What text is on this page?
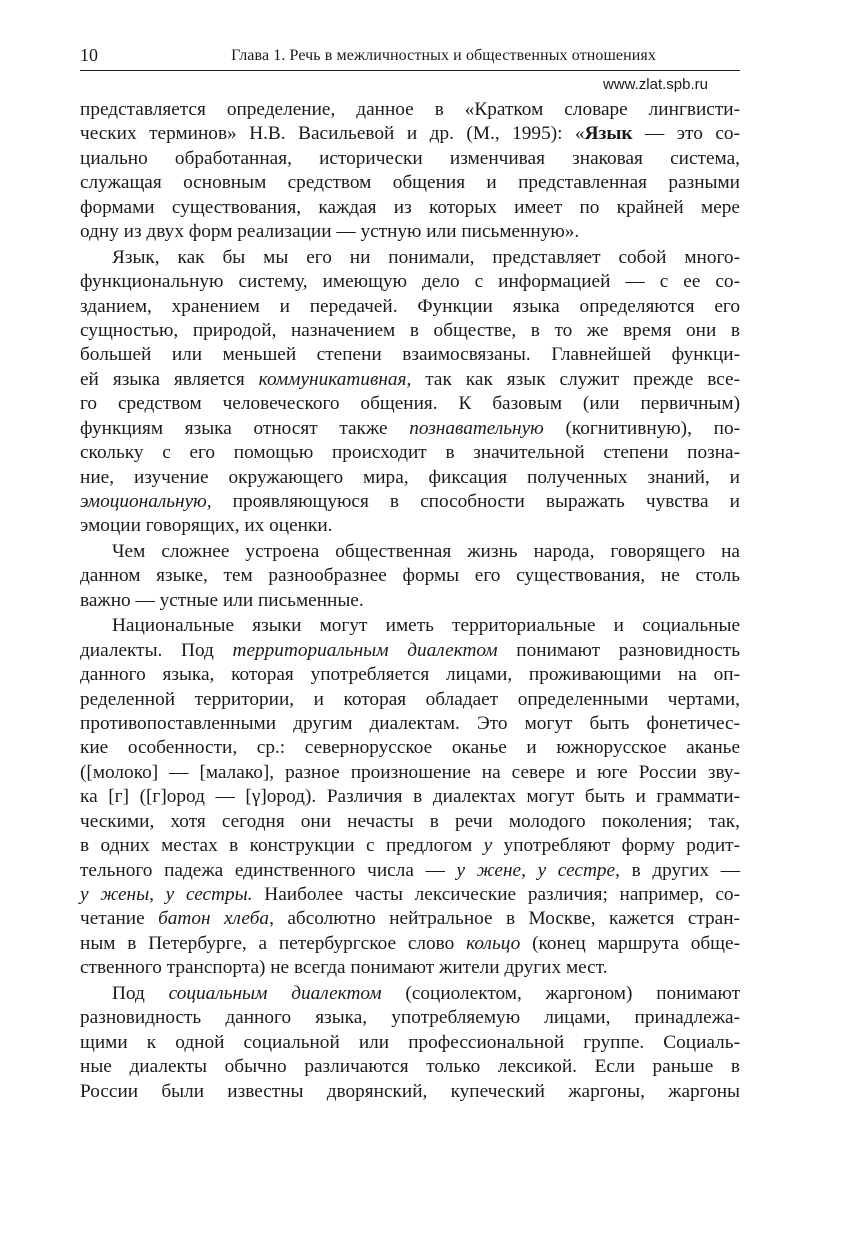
10	Глава 1. Речь в межличностных и общественных отношениях
www.zlat.spb.ru
представляется определение, данное в «Кратком словаре лингвисти-
ческих терминов» Н.В. Васильевой и др. (М., 1995): «Язык — это со-
циально обработанная, исторически изменчивая знаковая система,
служащая основным средством общения и представленная разными
формами существования, каждая из которых имеет по крайней мере
одну из двух форм реализации — устную или письменную».
Язык, как бы мы его ни понимали, представляет собой много-
функциональную систему, имеющую дело с информацией — с ее со-
зданием, хранением и передачей. Функции языка определяются его
сущностью, природой, назначением в обществе, в то же время они в
большей или меньшей степени взаимосвязаны. Главнейшей функци-
ей языка является коммуникативная, так как язык служит прежде все-
го средством человеческого общения. К базовым (или первичным)
функциям языка относят также познавательную (когнитивную), по-
скольку с его помощью происходит в значительной степени позна-
ние, изучение окружающего мира, фиксация полученных знаний, и
эмоциональную, проявляющуюся в способности выражать чувства и
эмоции говорящих, их оценки.
Чем сложнее устроена общественная жизнь народа, говорящего на
данном языке, тем разнообразнее формы его существования, не столь
важно — устные или письменные.
Национальные языки могут иметь территориальные и социальные
диалекты. Под территориальным диалектом понимают разновидность
данного языка, которая употребляется лицами, проживающими на оп-
ределенной территории, и которая обладает определенными чертами,
противопоставленными другим диалектам. Это могут быть фонетичес-
кие особенности, ср.: севернорусское оканье и южнорусское аканье
([молоко] — [малако], разное произношение на севере и юге России зву-
ка [г] ([г]ород — [γ]ород). Различия в диалектах могут быть и граммати-
ческими, хотя сегодня они нечасты в речи молодого поколения; так,
в одних местах в конструкции с предлогом у употребляют форму родит-
тельного падежа единственного числа — у жене, у сестре, в других —
у жены, у сестры. Наиболее часты лексические различия; например, со-
четание батон хлеба, абсолютно нейтральное в Москве, кажется стран-
ным в Петербурге, а петербургское слово кольцо (конец маршрута обще-
ственного транспорта) не всегда понимают жители других мест.
Под социальным диалектом (социолектом, жаргоном) понимают
разновидность данного языка, употребляемую лицами, принадлежа-
щими к одной социальной или профессиональной группе. Социаль-
ные диалекты обычно различаются только лексикой. Если раньше в
России были известны дворянский, купеческий жаргоны, жаргоны
